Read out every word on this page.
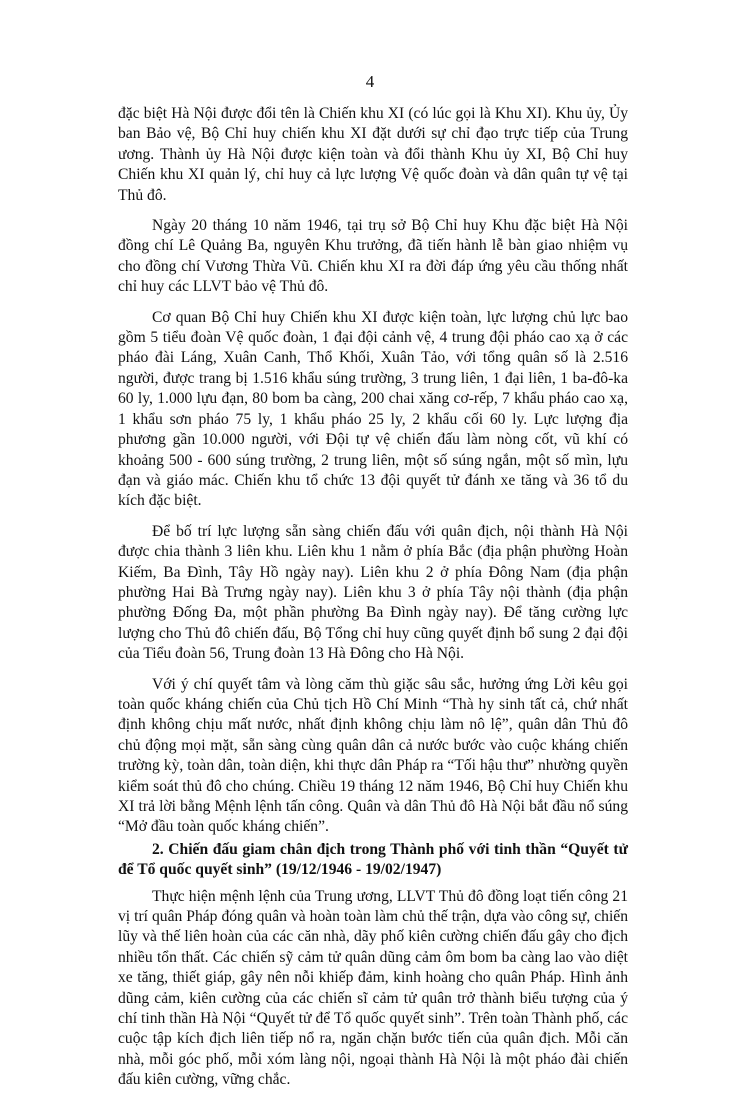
4

đặc biệt Hà Nội được đổi tên là Chiến khu XI (có lúc gọi là Khu XI). Khu ủy, Ủy ban Bảo vệ, Bộ Chỉ huy chiến khu XI đặt dưới sự chỉ đạo trực tiếp của Trung ương. Thành ủy Hà Nội được kiện toàn và đổi thành Khu ủy XI, Bộ Chỉ huy Chiến khu XI quản lý, chỉ huy cả lực lượng Vệ quốc đoàn và dân quân tự vệ tại Thủ đô.

Ngày 20 tháng 10 năm 1946, tại trụ sở Bộ Chỉ huy Khu đặc biệt Hà Nội đồng chí Lê Quảng Ba, nguyên Khu trưởng, đã tiến hành lễ bàn giao nhiệm vụ cho đồng chí Vương Thừa Vũ. Chiến khu XI ra đời đáp ứng yêu cầu thống nhất chỉ huy các LLVT bảo vệ Thủ đô.

Cơ quan Bộ Chỉ huy Chiến khu XI được kiện toàn, lực lượng chủ lực bao gồm 5 tiểu đoàn Vệ quốc đoàn, 1 đại đội cảnh vệ, 4 trung đội pháo cao xạ ở các pháo đài Láng, Xuân Canh, Thổ Khối, Xuân Tảo, với tổng quân số là 2.516 người, được trang bị 1.516 khẩu súng trường, 3 trung liên, 1 đại liên, 1 ba-đô-ka 60 ly, 1.000 lựu đạn, 80 bom ba càng, 200 chai xăng cơ-rếp, 7 khẩu pháo cao xạ, 1 khẩu sơn pháo 75 ly, 1 khẩu pháo 25 ly, 2 khẩu cối 60 ly. Lực lượng địa phương gần 10.000 người, với Đội tự vệ chiến đấu làm nòng cốt, vũ khí có khoảng 500 - 600 súng trường, 2 trung liên, một số súng ngắn, một số mìn, lựu đạn và giáo mác. Chiến khu tổ chức 13 đội quyết tử đánh xe tăng và 36 tổ du kích đặc biệt.

Để bố trí lực lượng sẵn sàng chiến đấu với quân địch, nội thành Hà Nội được chia thành 3 liên khu. Liên khu 1 nằm ở phía Bắc (địa phận phường Hoàn Kiếm, Ba Đình, Tây Hồ ngày nay). Liên khu 2 ở phía Đông Nam (địa phận phường Hai Bà Trưng ngày nay). Liên khu 3 ở phía Tây nội thành (địa phận phường Đống Đa, một phần phường Ba Đình ngày nay). Để tăng cường lực lượng cho Thủ đô chiến đấu, Bộ Tổng chỉ huy cũng quyết định bổ sung 2 đại đội của Tiểu đoàn 56, Trung đoàn 13 Hà Đông cho Hà Nội.

Với ý chí quyết tâm và lòng căm thù giặc sâu sắc, hưởng ứng Lời kêu gọi toàn quốc kháng chiến của Chủ tịch Hồ Chí Minh “Thà hy sinh tất cả, chứ nhất định không chịu mất nước, nhất định không chịu làm nô lệ”, quân dân Thủ đô chủ động mọi mặt, sẵn sàng cùng quân dân cả nước bước vào cuộc kháng chiến trường kỳ, toàn dân, toàn diện, khi thực dân Pháp ra “Tối hậu thư” nhường quyền kiểm soát thủ đô cho chúng. Chiều 19 tháng 12 năm 1946, Bộ Chỉ huy Chiến khu XI trả lời bằng Mệnh lệnh tấn công. Quân và dân Thủ đô Hà Nội bắt đầu nổ súng “Mở đầu toàn quốc kháng chiến”.

2. Chiến đấu giam chân địch trong Thành phố với tinh thần “Quyết tử để Tổ quốc quyết sinh” (19/12/1946 - 19/02/1947)

Thực hiện mệnh lệnh của Trung ương, LLVT Thủ đô đồng loạt tiến công 21 vị trí quân Pháp đóng quân và hoàn toàn làm chủ thế trận, dựa vào công sự, chiến lũy và thế liên hoàn của các căn nhà, dãy phố kiên cường chiến đấu gây cho địch nhiều tổn thất. Các chiến sỹ cảm tử quân dũng cảm ôm bom ba càng lao vào diệt xe tăng, thiết giáp, gây nên nỗi khiếp đảm, kinh hoàng cho quân Pháp. Hình ảnh dũng cảm, kiên cường của các chiến sĩ cảm tử quân trở thành biểu tượng của ý chí tinh thần Hà Nội “Quyết tử để Tổ quốc quyết sinh”. Trên toàn Thành phố, các cuộc tập kích địch liên tiếp nổ ra, ngăn chặn bước tiến của quân địch. Mỗi căn nhà, mỗi góc phố, mỗi xóm làng nội, ngoại thành Hà Nội là một pháo đài chiến đấu kiên cường, vững chắc.
